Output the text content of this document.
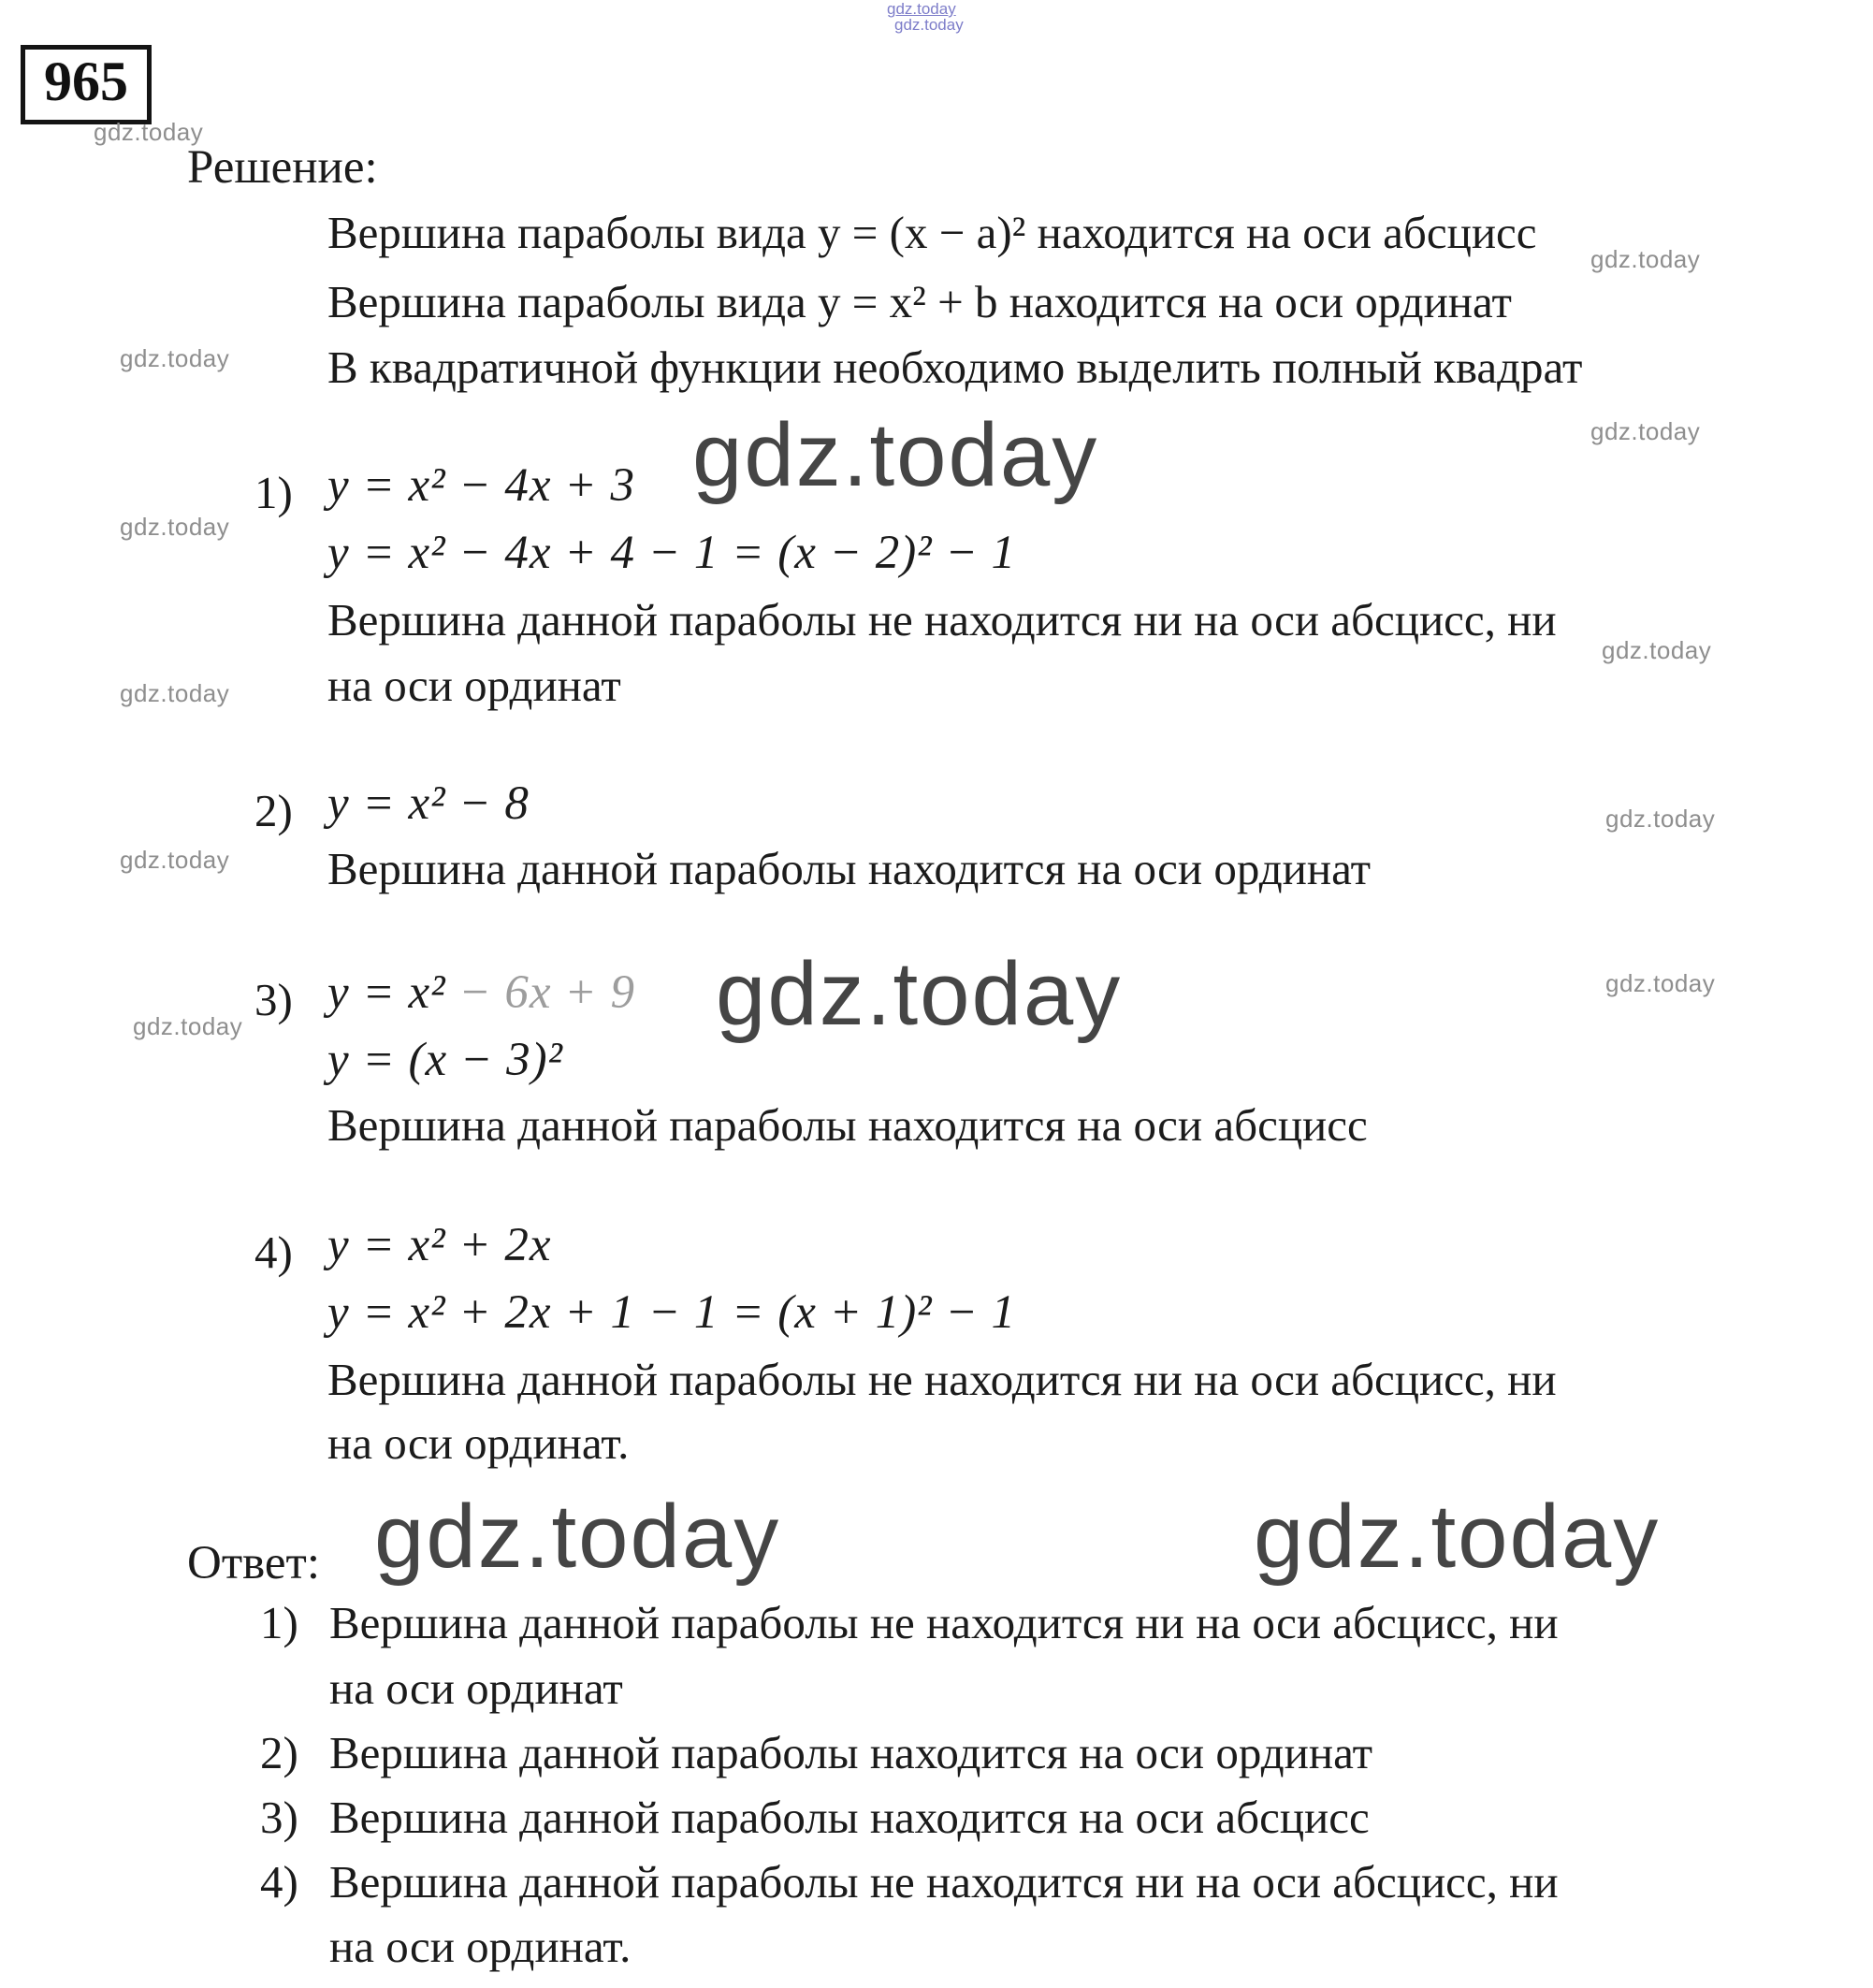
gdz.today
gdz.today
965
gdz.today
Решение:
Вершина параболы вида y = (x − a)² находится на оси абсцисс
gdz.today
Вершина параболы вида y = x² + b находится на оси ординат
gdz.today В квадратичной функции необходимо выделить полный квадрат
gdz.today	gdz.today
1) y = x² − 4x + 3
gdz.today y = x² − 4x + 4 − 1 = (x − 2)² − 1
Вершина данной параболы не находится ни на оси абсцисс, ни
gdz.today
на оси ординат
gdz.today
2) y = x² − 8	gdz.today
Вершина данной параболы находится на оси ординат
gdz.today
3) y = x² − 6x + 9 gdz.today	gdz.today
gdz.today
y = (x − 3)²
Вершина данной параболы находится на оси абсцисс
4) y = x² + 2x
y = x² + 2x + 1 − 1 = (x + 1)² − 1
Вершина данной параболы не находится ни на оси абсцисс, ни
на оси ординат.
Ответ: gdz.today	gdz.today
1) Вершина данной параболы не находится ни на оси абсцисс, ни
на оси ординат
2) Вершина данной параболы находится на оси ординат
3) Вершина данной параболы находится на оси абсцисс
4) Вершина данной параболы не находится ни на оси абсцисс, ни
на оси ординат.
